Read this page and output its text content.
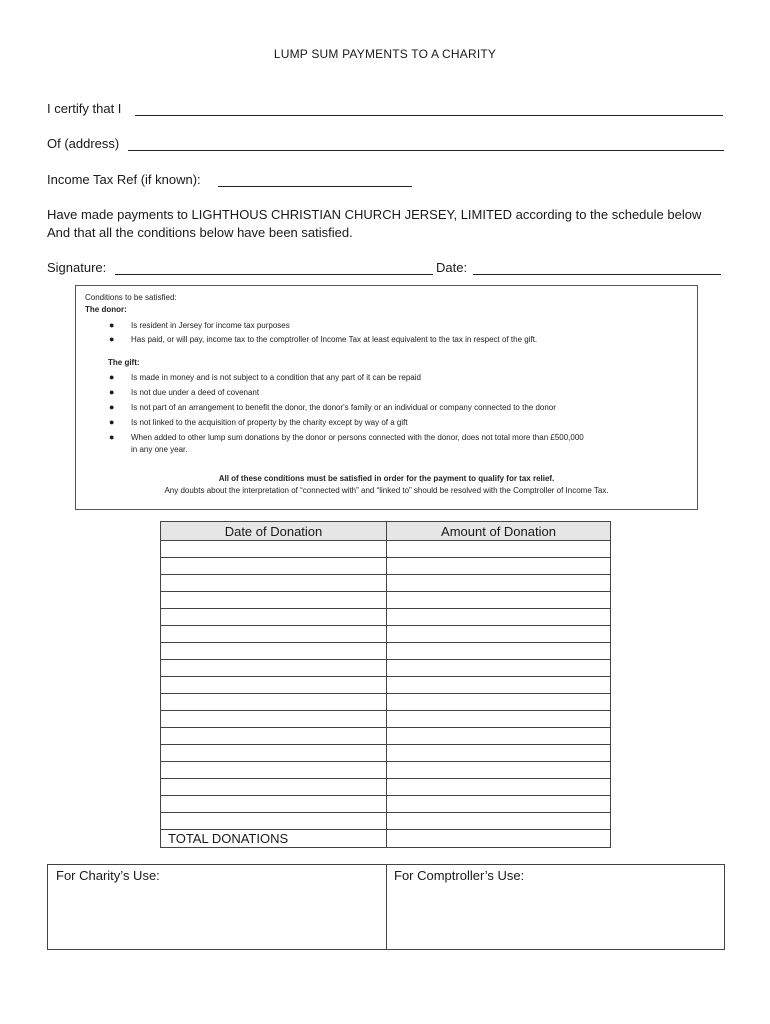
LUMP SUM PAYMENTS TO A CHARITY
I certify that I
Of (address)
Income Tax Ref (if known):
Have made payments to LIGHTHOUS CHRISTIAN CHURCH JERSEY, LIMITED according to the schedule below
And that all the conditions below have been satisfied.
Signature:	Date:
Conditions to be satisfied:
The donor:
● Is resident in Jersey for income tax purposes
● Has paid, or will pay, income tax to the comptroller of Income Tax at least equivalent to the tax in respect of the gift.
The gift:
● Is made in money and is not subject to a condition that any part of it can be repaid
● Is not due under a deed of covenant
● Is not part of an arrangement to benefit the donor, the donor's family or an individual or company connected to the donor
● Is not linked to the acquisition of property by the charity except by way of a gift
● When added to other lump sum donations by the donor or persons connected with the donor, does not total more than £500,000
in any one year.
All of these conditions must be satisfied in order for the payment to qualify for tax relief.
Any doubts about the interpretation of “connected with” and “linked to” should be resolved with the Comptroller of Income Tax.
Date of Donation	Amount of Donation

TOTAL DONATIONS	
For Charity’s Use:	For Comptroller’s Use:
